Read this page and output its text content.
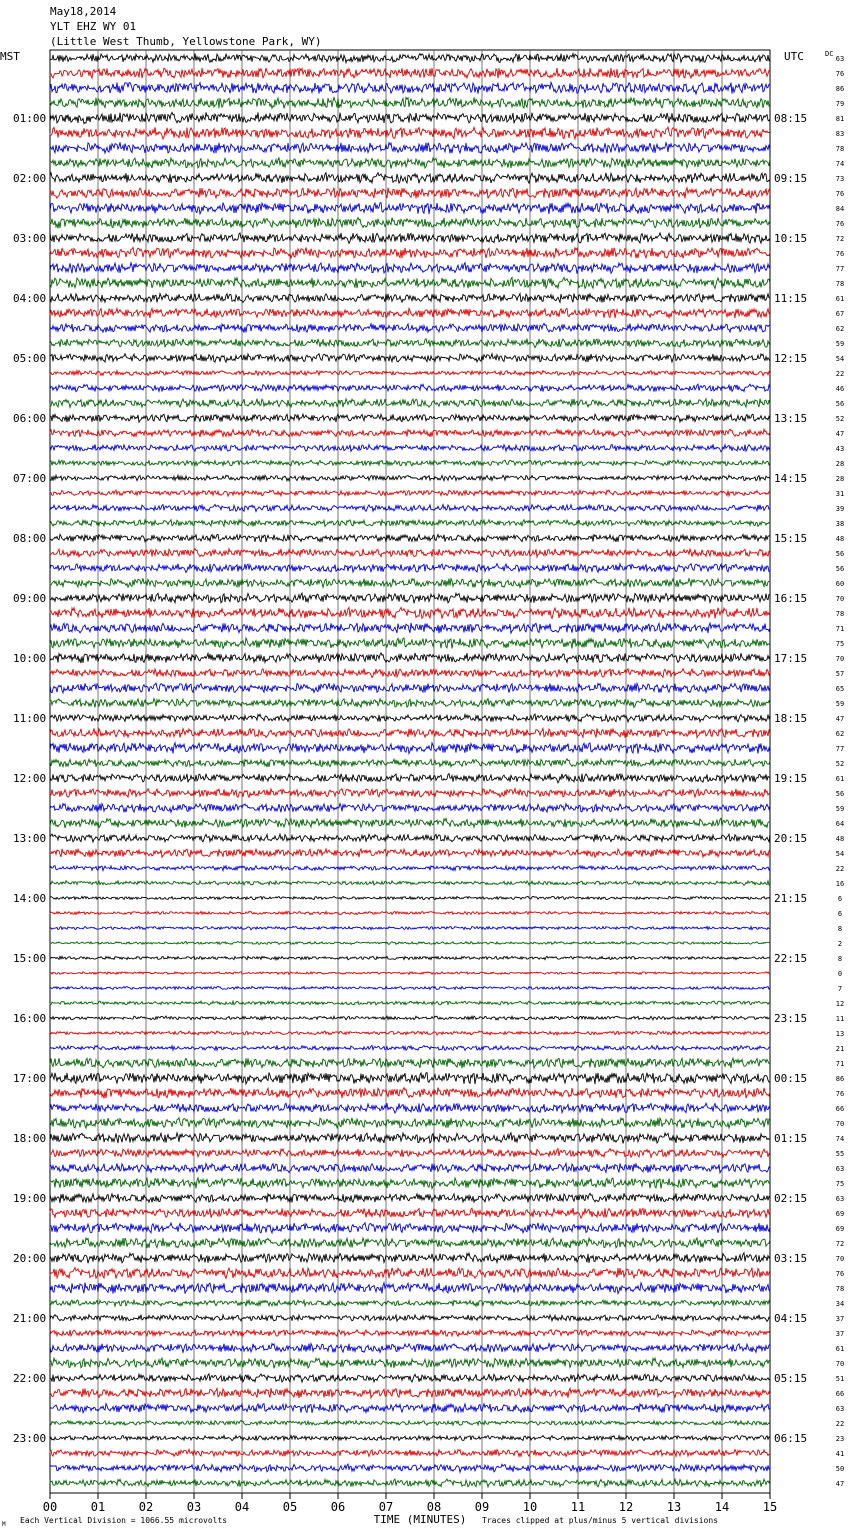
May18,2014
YLT EHZ WY 01
(Little West Thumb, Yellowstone Park, WY)
63
76
86
79
81
83
78
74
73
76
84
76
72
76
77
78
61
67
62
59
54
22
46
56
52
47
43
28
28
31
39
38
48
56
56
60
70
78
71
75
70
57
65
59
47
62
77
52
61
56
59
64
48
54
22
16
6
6
8
2
8
0
7
12
11
13
21
71
86
76
66
70
74
55
63
75
63
69
69
72
70
76
78
34
37
37
61
70
51
66
63
22
23
41
50
47
MST	UTC	DC
01:00
02:00
03:00
04:00
05:00
06:00
07:00
08:00
09:00
10:00
11:00
12:00
13:00
14:00
15:00
16:00
17:00
18:00
19:00
20:00
21:00
22:00
23:00
08:15
09:15
10:15
11:15
12:15
13:15
14:15
15:15
16:15
17:15
18:15
19:15
20:15
21:15
22:15
23:15
00:15
01:15
02:15
03:15
04:15
05:15
06:15
00	01	02	03	04	05	06	07	08	09	10	11	12	13	14	15
TIME (MINUTES)
Each Vertical Division = 1066.55 microvolts	Traces clipped at plus/minus 5 vertical divisions
M
